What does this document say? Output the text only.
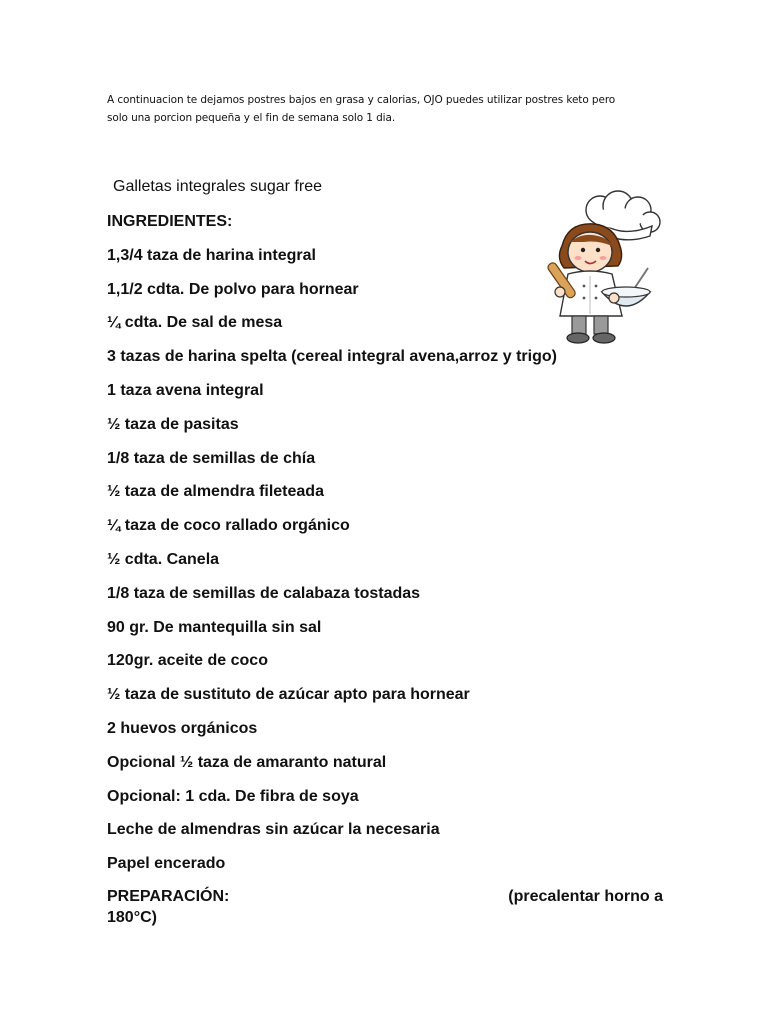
A continuacion te dejamos postres bajos en grasa y calorias, OJO puedes utilizar postres keto pero

solo una porcion pequeña y el fin de semana solo 1 dia.

Galletas integrales sugar free
INGREDIENTES:
1,3/4 taza de harina integral
1,1/2 cdta. De polvo para hornear
¼ cdta. De sal de mesa
3 tazas de harina spelta (cereal integral avena,arroz y trigo)
1 taza avena integral
½ taza de pasitas
1/8 taza de semillas de chía
½ taza de almendra fileteada
¼ taza de coco rallado orgánico
½ cdta. Canela
1/8 taza de semillas de calabaza tostadas
90 gr. De mantequilla sin sal
120gr. aceite de coco
½ taza de sustituto de azúcar apto para hornear
2 huevos orgánicos
Opcional ½ taza de amaranto natural
Opcional: 1 cda. De fibra de soya
Leche de almendras sin azúcar la necesaria
Papel encerado
PREPARACIÓN:	(precalentar horno a
180°C)
